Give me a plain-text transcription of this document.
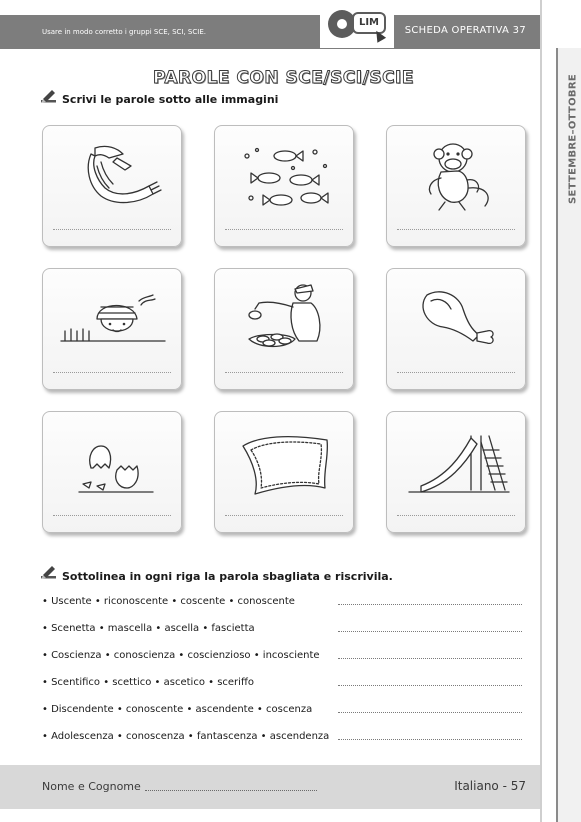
Usare in modo corretto i gruppi SCE, SCI, SCIE.	SCHEDA OPERATIVA 37
LIM
SETTEMBRE–OTTOBRE
PAROLE CON SCE/SCI/SCIE
Scrivi le parole sotto alle immagini
Sottolinea in ogni riga la parola sbagliata e riscrivila.
• Uscente • riconoscente • coscente • conoscente
• Scenetta • mascella • ascella • fascietta
• Coscienza • conoscienza • coscienzioso • incosciente
• Scentifico • scettico • ascetico • sceriffo
• Discendente • conoscente • ascendente • coscenza
• Adolescenza • conoscenza • fantascenza • ascendenza
Nome e Cognome	Italiano - 57
